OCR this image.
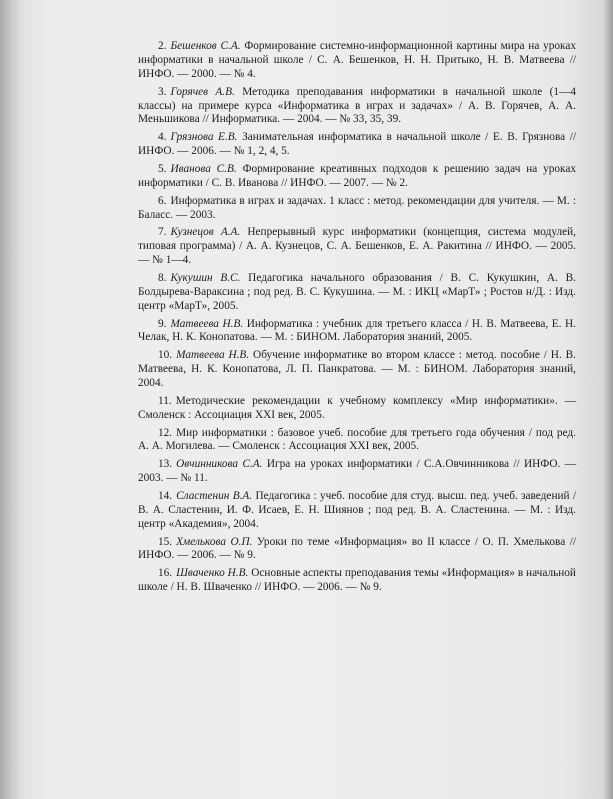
2. Бешенков С.А. Формирование системно-информационной картины мира на уроках информатики в начальной школе / С. А. Бешенков, Н. Н. Притыко, Н. В. Матвеева // ИНФО. — 2000. — № 4.

3. Горячев А.В. Методика преподавания информатики в начальной школе (1—4 классы) на примере курса «Информатика в играх и задачах» / А. В. Горячев, А. А. Меньшикова // Информатика. — 2004. — № 33, 35, 39.

4. Грязнова Е.В. Занимательная информатика в начальной школе / Е. В. Грязнова // ИНФО. — 2006. — № 1, 2, 4, 5.

5. Иванова С.В. Формирование креативных подходов к решению задач на уроках информатики / С. В. Иванова // ИНФО. — 2007. — № 2.

6. Информатика в играх и задачах. 1 класс : метод. рекомендации для учителя. — М. : Баласс. — 2003.

7. Кузнецов А.А. Непрерывный курс информатики (концепция, система модулей, типовая программа) / А. А. Кузнецов, С. А. Бешенков, Е. А. Ракитина // ИНФО. — 2005. — № 1—4.

8. Кукушин В.С. Педагогика начального образования / В. С. Кукушкин, А. В. Болдырева-Вараксина ; под ред. В. С. Кукушина. — М. : ИКЦ «МарТ» ; Ростов н/Д. : Изд. центр «МарТ», 2005.

9. Матвеева Н.В. Информатика : учебник для третьего класса / Н. В. Матвеева, Е. Н. Челак, Н. К. Конопатова. — М. : БИНОМ. Лаборатория знаний, 2005.

10. Матвеева Н.В. Обучение информатике во втором классе : метод. пособие / Н. В. Матвеева, Н. К. Конопатова, Л. П. Панкратова. — М. : БИНОМ. Лаборатория знаний, 2004.

11. Методические рекомендации к учебному комплексу «Мир информатики». — Смоленск : Ассоциация XXI век, 2005.

12. Мир информатики : базовое учеб. пособие для третьего года обучения / под ред. А. А. Могилева. — Смоленск : Ассоциация XXI век, 2005.

13. Овчинникова С.А. Игра на уроках информатики / С.А.Овчинникова // ИНФО. — 2003. — № 11.

14. Сластенин В.А. Педагогика : учеб. пособие для студ. высш. пед. учеб. заведений / В. А. Сластенин, И. Ф. Исаев, Е. Н. Шиянов ; под ред. В. А. Сластенина. — М. : Изд. центр «Академия», 2004.

15. Хмелькова О.П. Уроки по теме «Информация» во II классе / О. П. Хмелькова // ИНФО. — 2006. — № 9.

16. Шваченко Н.В. Основные аспекты преподавания темы «Информация» в начальной школе / Н. В. Шваченко // ИНФО. — 2006. — № 9.
